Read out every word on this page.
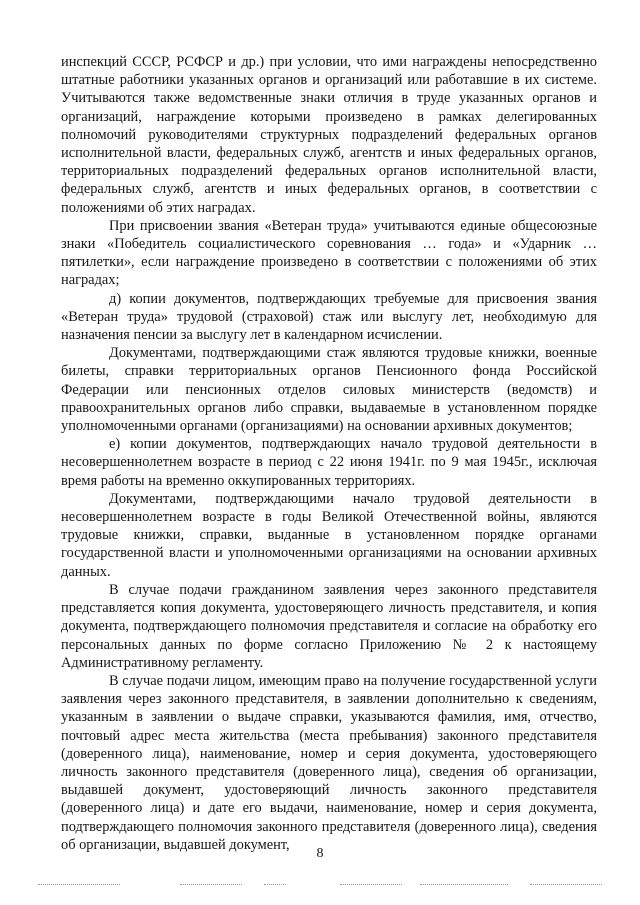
инспекций СССР, РСФСР и др.) при условии, что ими награждены непосредственно штатные работники указанных органов и организаций или работавшие в их системе. Учитываются также ведомственные знаки отличия в труде указанных органов и организаций, награждение которыми произведено в рамках делегированных полномочий руководителями структурных подразделений федеральных органов исполнительной власти, федеральных служб, агентств и иных федеральных органов, территориальных подразделений федеральных органов исполнительной власти, федеральных служб, агентств и иных федеральных органов, в соответствии с положениями об этих наградах.

При присвоении звания «Ветеран труда» учитываются единые общесоюзные знаки «Победитель социалистического соревнования … года» и «Ударник … пятилетки», если награждение произведено в соответствии с положениями об этих наградах;

д) копии документов, подтверждающих требуемые для присвоения звания «Ветеран труда» трудовой (страховой) стаж или выслугу лет, необходимую для назначения пенсии за выслугу лет в календарном исчислении.

Документами, подтверждающими стаж являются трудовые книжки, военные билеты, справки территориальных органов Пенсионного фонда Российской Федерации или пенсионных отделов силовых министерств (ведомств) и правоохранительных органов либо справки, выдаваемые в установленном порядке уполномоченными органами (организациями) на основании архивных документов;

е) копии документов, подтверждающих начало трудовой деятельности в несовершеннолетнем возрасте в период с 22 июня 1941г. по 9 мая 1945г., исключая время работы на временно оккупированных территориях.

Документами, подтверждающими начало трудовой деятельности в несовершеннолетнем возрасте в годы Великой Отечественной войны, являются трудовые книжки, справки, выданные в установленном порядке органами государственной власти и уполномоченными организациями на основании архивных данных.

В случае подачи гражданином заявления через законного представителя представляется копия документа, удостоверяющего личность представителя, и копия документа, подтверждающего полномочия представителя и согласие на обработку его персональных данных по форме согласно Приложению № 2 к настоящему Административному регламенту.

В случае подачи лицом, имеющим право на получение государственной услуги заявления через законного представителя, в заявлении дополнительно к сведениям, указанным в заявлении о выдаче справки, указываются фамилия, имя, отчество, почтовый адрес места жительства (места пребывания) законного представителя (доверенного лица), наименование, номер и серия документа, удостоверяющего личность законного представителя (доверенного лица), сведения об организации, выдавшей документ, удостоверяющий личность законного представителя (доверенного лица) и дате его выдачи, наименование, номер и серия документа, подтверждающего полномочия законного представителя (доверенного лица), сведения об организации, выдавшей документ,

8
